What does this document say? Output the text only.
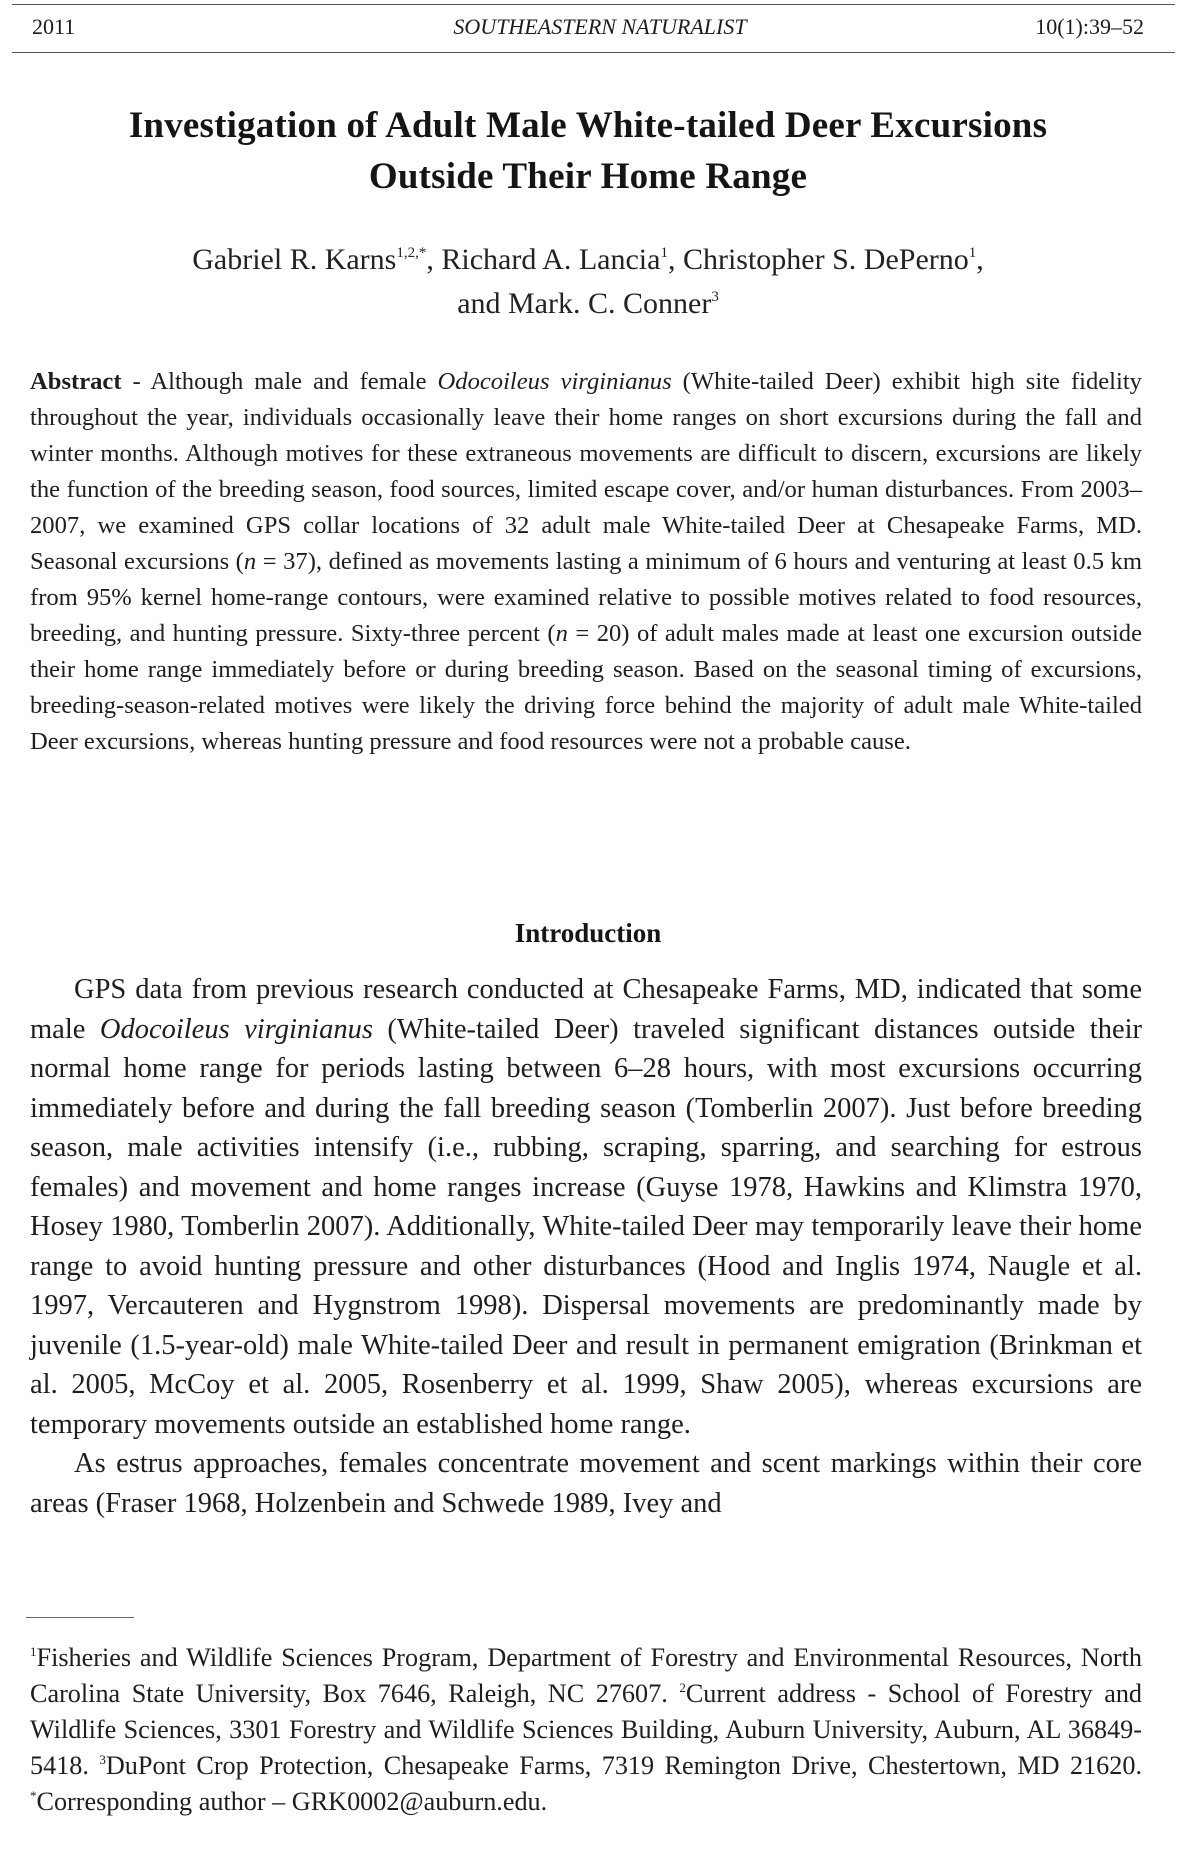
2011	SOUTHEASTERN NATURALIST	10(1):39–52
Investigation of Adult Male White-tailed Deer Excursions
Outside Their Home Range
Gabriel R. Karns$^{1,2,*}$, Richard A. Lancia$^1$, Christopher S. DePerno$^1$,
and Mark. C. Conner$^3$
Abstract - Although male and female Odocoileus virginianus (White-tailed Deer) exhibit high site fidelity throughout the year, individuals occasionally leave their home ranges on short excursions during the fall and winter months. Although motives for these extraneous movements are difficult to discern, excursions are likely the function of the breeding season, food sources, limited escape cover, and/or human disturbances. From 2003–2007, we examined GPS collar locations of 32 adult male White-tailed Deer at Chesapeake Farms, MD. Seasonal excursions (n = 37), defined as movements lasting a minimum of 6 hours and venturing at least 0.5 km from 95% kernel home-range contours, were examined relative to possible motives related to food resources, breeding, and hunting pressure. Sixty-three percent (n = 20) of adult males made at least one excursion outside their home range immediately before or during breeding season. Based on the seasonal timing of excursions, breeding-season-related motives were likely the driving force behind the majority of adult male White-tailed Deer excursions, whereas hunting pressure and food resources were not a probable cause.
Introduction

GPS data from previous research conducted at Chesapeake Farms, MD, indicated that some male Odocoileus virginianus (White-tailed Deer) traveled significant distances outside their normal home range for periods lasting between 6–28 hours, with most excursions occurring immediately before and during the fall breeding season (Tomberlin 2007). Just before breeding season, male activities intensify (i.e., rubbing, scraping, sparring, and searching for estrous females) and movement and home ranges increase (Guyse 1978, Hawkins and Klimstra 1970, Hosey 1980, Tomberlin 2007). Additionally, White-tailed Deer may temporarily leave their home range to avoid hunting pressure and other disturbances (Hood and Inglis 1974, Naugle et al. 1997, Vercauteren and Hygnstrom 1998). Dispersal movements are predominantly made by juvenile (1.5-year-old) male White-tailed Deer and result in permanent emigration (Brinkman et al. 2005, McCoy et al. 2005, Rosenberry et al. 1999, Shaw 2005), whereas excursions are temporary movements outside an established home range.

As estrus approaches, females concentrate movement and scent markings within their core areas (Fraser 1968, Holzenbein and Schwede 1989, Ivey and

$^1$Fisheries and Wildlife Sciences Program, Department of Forestry and Environmental Resources, North Carolina State University, Box 7646, Raleigh, NC 27607. $^2$Current address - School of Forestry and Wildlife Sciences, 3301 Forestry and Wildlife Sciences Building, Auburn University, Auburn, AL 36849-5418. $^3$DuPont Crop Protection, Chesapeake Farms, 7319 Remington Drive, Chestertown, MD 21620. *Corresponding author – GRK0002@auburn.edu.
